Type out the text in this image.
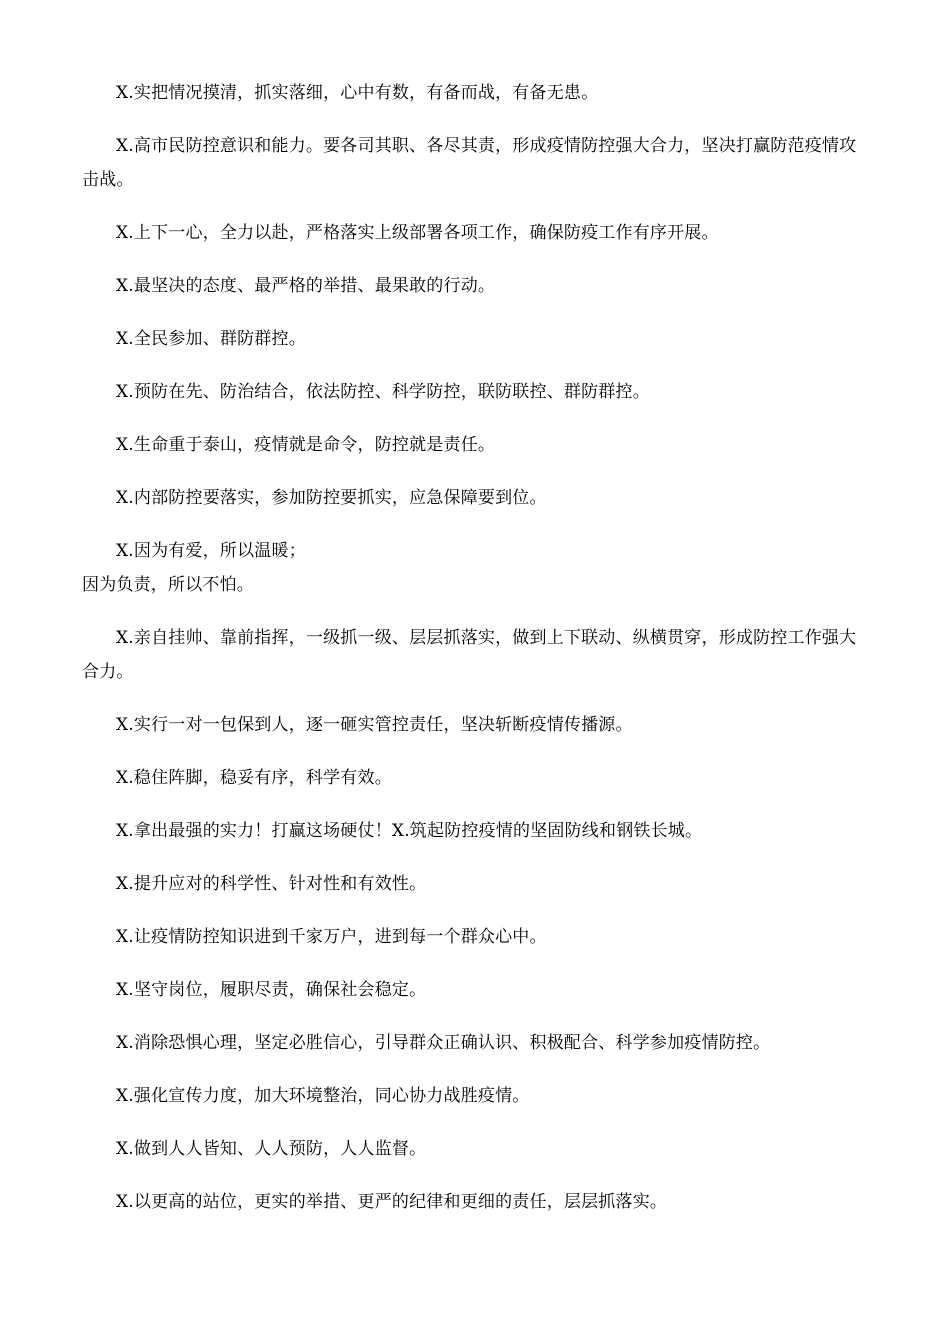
X.实把情况摸清，抓实落细，心中有数，有备而战，有备无患。

X.高市民防控意识和能力。要各司其职、各尽其责，形成疫情防控强大合力，坚决打赢防范疫情攻击战。

X.上下一心，全力以赴，严格落实上级部署各项工作，确保防疫工作有序开展。

X.最坚决的态度、最严格的举措、最果敢的行动。

X.全民参加、群防群控。

X.预防在先、防治结合，依法防控、科学防控，联防联控、群防群控。

X.生命重于泰山，疫情就是命令，防控就是责任。

X.内部防控要落实，参加防控要抓实，应急保障要到位。

X.因为有爱，所以温暖；

因为负责，所以不怕。

X.亲自挂帅、靠前指挥，一级抓一级、层层抓落实，做到上下联动、纵横贯穿，形成防控工作强大合力。

X.实行一对一包保到人，逐一砸实管控责任，坚决斩断疫情传播源。

X.稳住阵脚，稳妥有序，科学有效。

X.拿出最强的实力！打赢这场硬仗！X.筑起防控疫情的坚固防线和钢铁长城。

X.提升应对的科学性、针对性和有效性。

X.让疫情防控知识进到千家万户，进到每一个群众心中。

X.坚守岗位，履职尽责，确保社会稳定。

X.消除恐惧心理，坚定必胜信心，引导群众正确认识、积极配合、科学参加疫情防控。

X.强化宣传力度，加大环境整治，同心协力战胜疫情。

X.做到人人皆知、人人预防，人人监督。

X.以更高的站位，更实的举措、更严的纪律和更细的责任，层层抓落实。
